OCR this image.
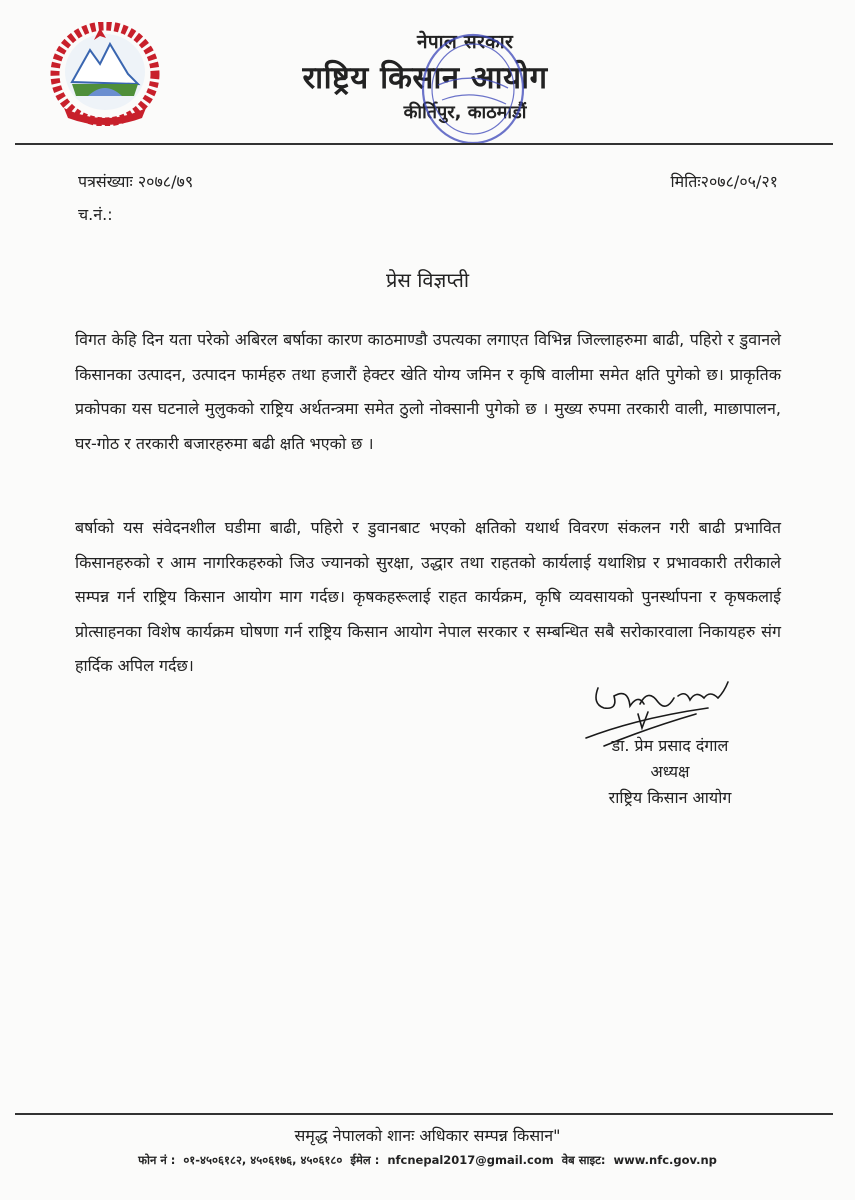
नेपाल सरकार
राष्ट्रिय किसान आयोग
कीर्तिपुर, काठमाडौं
पत्रसंख्याः २०७८/७९	मितिः२०७८/०५/२१
च.नं.:
प्रेस विज्ञप्ती

विगत केहि दिन यता परेको अबिरल बर्षाका कारण काठमाण्डौ उपत्यका लगाएत विभिन्न जिल्लाहरुमा बाढी, पहिरो र डुवानले किसानका उत्पादन, उत्पादन फार्महरु तथा हजारौं हेक्टर खेति योग्य जमिन र कृषि वालीमा समेत क्षति पुगेको छ। प्राकृतिक प्रकोपका यस घटनाले मुलुकको राष्ट्रिय अर्थतन्त्रमा समेत ठुलो नोक्सानी पुगेको छ । मुख्य रुपमा तरकारी वाली, माछापालन, घर-गोठ र तरकारी बजारहरुमा बढी क्षति भएको छ ।

बर्षाको यस संवेदनशील घडीमा बाढी, पहिरो र डुवानबाट भएको क्षतिको यथार्थ विवरण संकलन गरी बाढी प्रभावित किसानहरुको र आम नागरिकहरुको जिउ ज्यानको सुरक्षा, उद्धार तथा राहतको कार्यलाई यथाशिघ्र र प्रभावकारी तरीकाले सम्पन्न गर्न राष्ट्रिय किसान आयोग माग गर्दछ। कृषकहरूलाई राहत कार्यक्रम, कृषि व्यवसायको पुनर्स्थापना र कृषकलाई प्रोत्साहनका विशेष कार्यक्रम घोषणा गर्न राष्ट्रिय किसान आयोग नेपाल सरकार र सम्बन्धित सबै सरोकारवाला निकायहरु संग हार्दिक अपिल गर्दछ।

डा. प्रेम प्रसाद दंगाल
अध्यक्ष
राष्ट्रिय किसान आयोग
समृद्ध नेपालको शानः अधिकार सम्पन्न किसान"
फोन नं : ०१-४५०६१८२, ४५०६१७६, ४५०६१८० ईमेल : nfcnepal2017@gmail.com वेब साइट: www.nfc.gov.np
